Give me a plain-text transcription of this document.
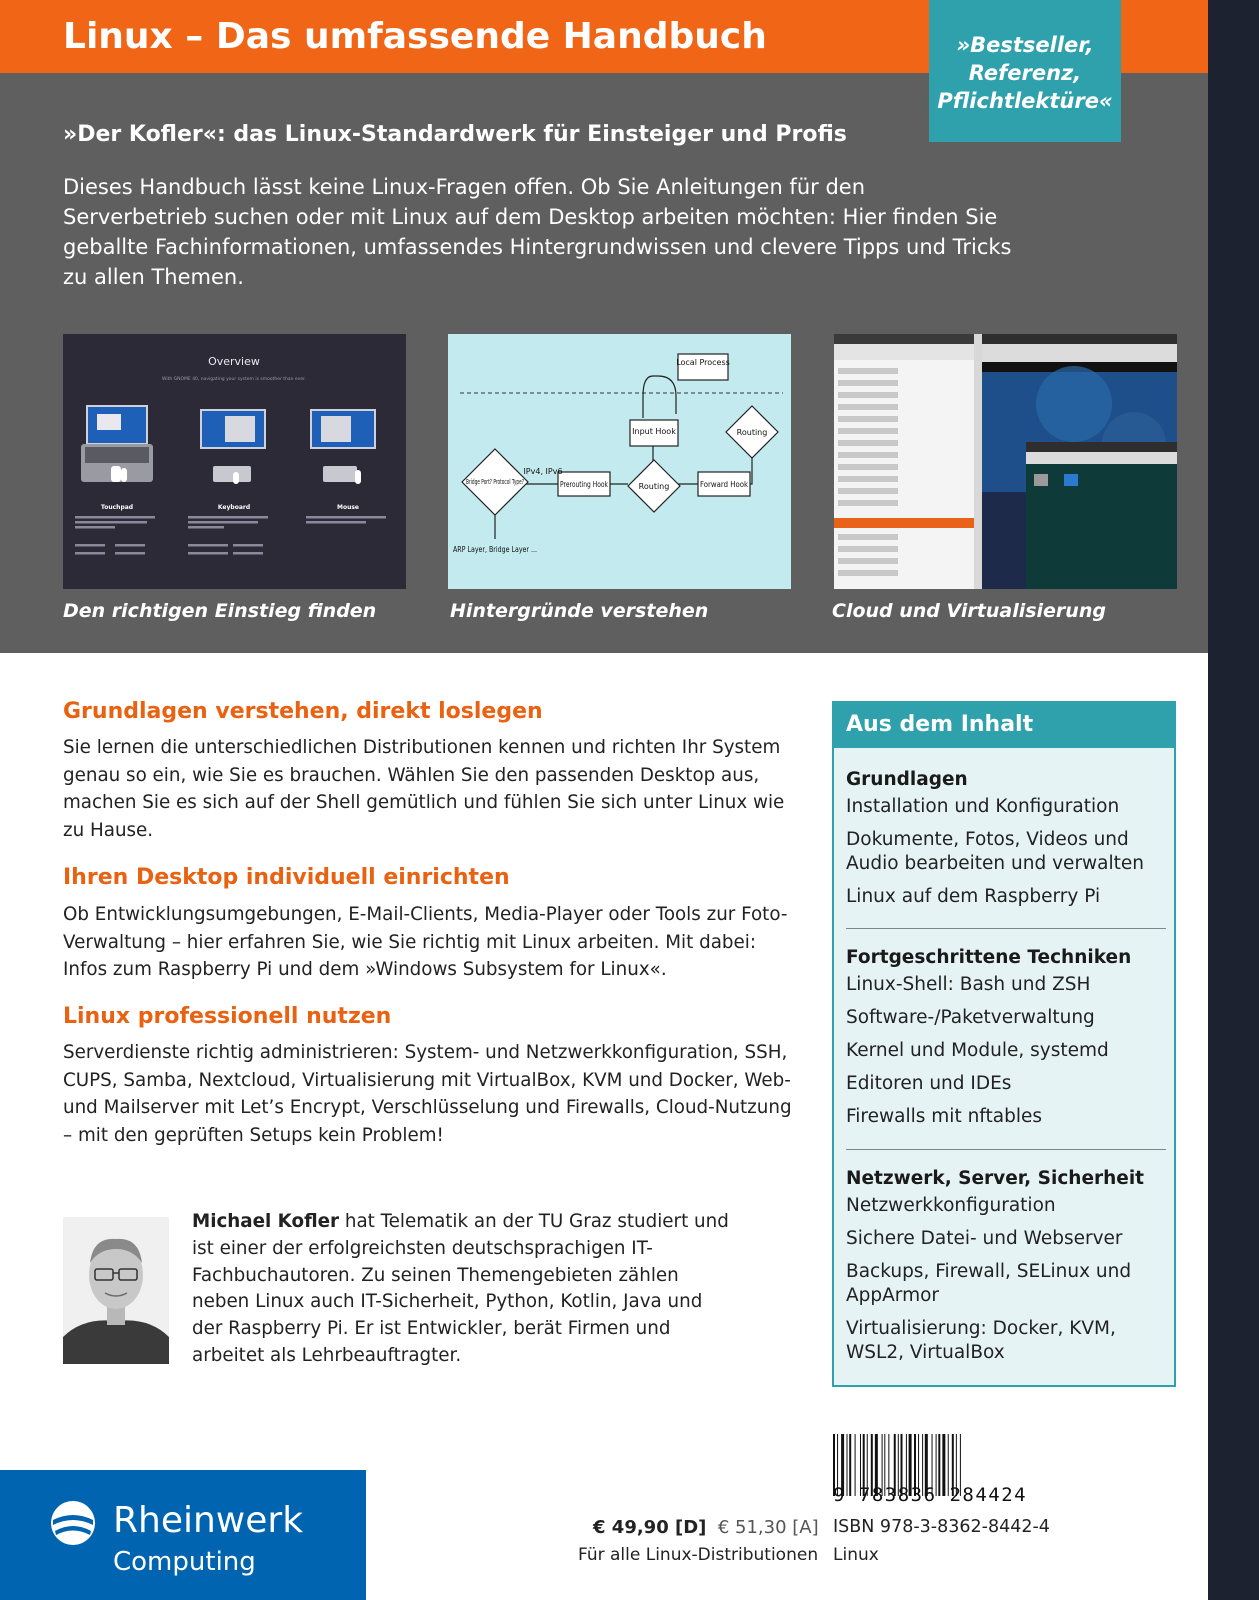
Linux – Das umfassende Handbuch
»Der Kofler«: das Linux-Standardwerk für Einsteiger und Profis
Dieses Handbuch lässt keine Linux-Fragen offen. Ob Sie Anleitungen für den Serverbetrieb suchen oder mit Linux auf dem Desktop arbeiten möchten: Hier finden Sie geballte Fachinformationen, umfassendes Hintergrundwissen und clevere Tipps und Tricks zu allen Themen.
»Bestseller,
Referenz,
Pflichtlektüre«
Overview
With GNOME 40, navigating your system is smoother than ever.
Touchpad	Keyboard	Mouse
Den richtigen Einstieg finden
Local Process
Input Hook	Routing
Bridge Port? Protocol Type?
IPv4, IPv6
Prerouting Hook	Routing	Forward Hook
ARP Layer, Bridge Layer ...
Hintergründe verstehen	Cloud und Virtualisierung
Grundlagen verstehen, direkt loslegen
Sie lernen die unterschiedlichen Distributionen kennen und richten Ihr System genau so ein, wie Sie es brauchen. Wählen Sie den passenden Desktop aus, machen Sie es sich auf der Shell gemütlich und fühlen Sie sich unter Linux wie zu Hause.
Ihren Desktop individuell einrichten
Ob Entwicklungsumgebungen, E-Mail-Clients, Media-Player oder Tools zur Foto-Verwaltung – hier erfahren Sie, wie Sie richtig mit Linux arbeiten. Mit dabei: Infos zum Raspberry Pi und dem »Windows Subsystem for Linux«.
Linux professionell nutzen
Serverdienste richtig administrieren: System- und Netzwerkkonfiguration, SSH, CUPS, Samba, Nextcloud, Virtualisierung mit VirtualBox, KVM und Docker, Web- und Mailserver mit Let’s Encrypt, Verschlüsselung und Firewalls, Cloud-Nutzung – mit den geprüften Setups kein Problem!
Aus dem Inhalt
Grundlagen
Installation und Konfiguration
Dokumente, Fotos, Videos und Audio bearbeiten und verwalten
Linux auf dem Raspberry Pi
Fortgeschrittene Techniken
Linux-Shell: Bash und ZSH
Software-/Paketverwaltung
Kernel und Module, systemd
Editoren und IDEs
Firewalls mit nftables
Netzwerk, Server, Sicherheit
Netzwerkkonfiguration
Sichere Datei- und Webserver
Backups, Firewall, SELinux und AppArmor
Virtualisierung: Docker, KVM, WSL2, VirtualBox
Michael Kofler hat Telematik an der TU Graz studiert und ist einer der erfolgreichsten deutschsprachigen IT-Fachbuchautoren. Zu seinen Themengebieten zählen neben Linux auch IT-Sicherheit, Python, Kotlin, Java und der Raspberry Pi. Er ist Entwickler, berät Firmen und arbeitet als Lehrbeauftragter.
Rheinwerk
Computing
€ 49,90 [D] € 51,30 [A]
Für alle Linux-Distributionen
9 783836 284424
ISBN 978-3-8362-8442-4
Linux
